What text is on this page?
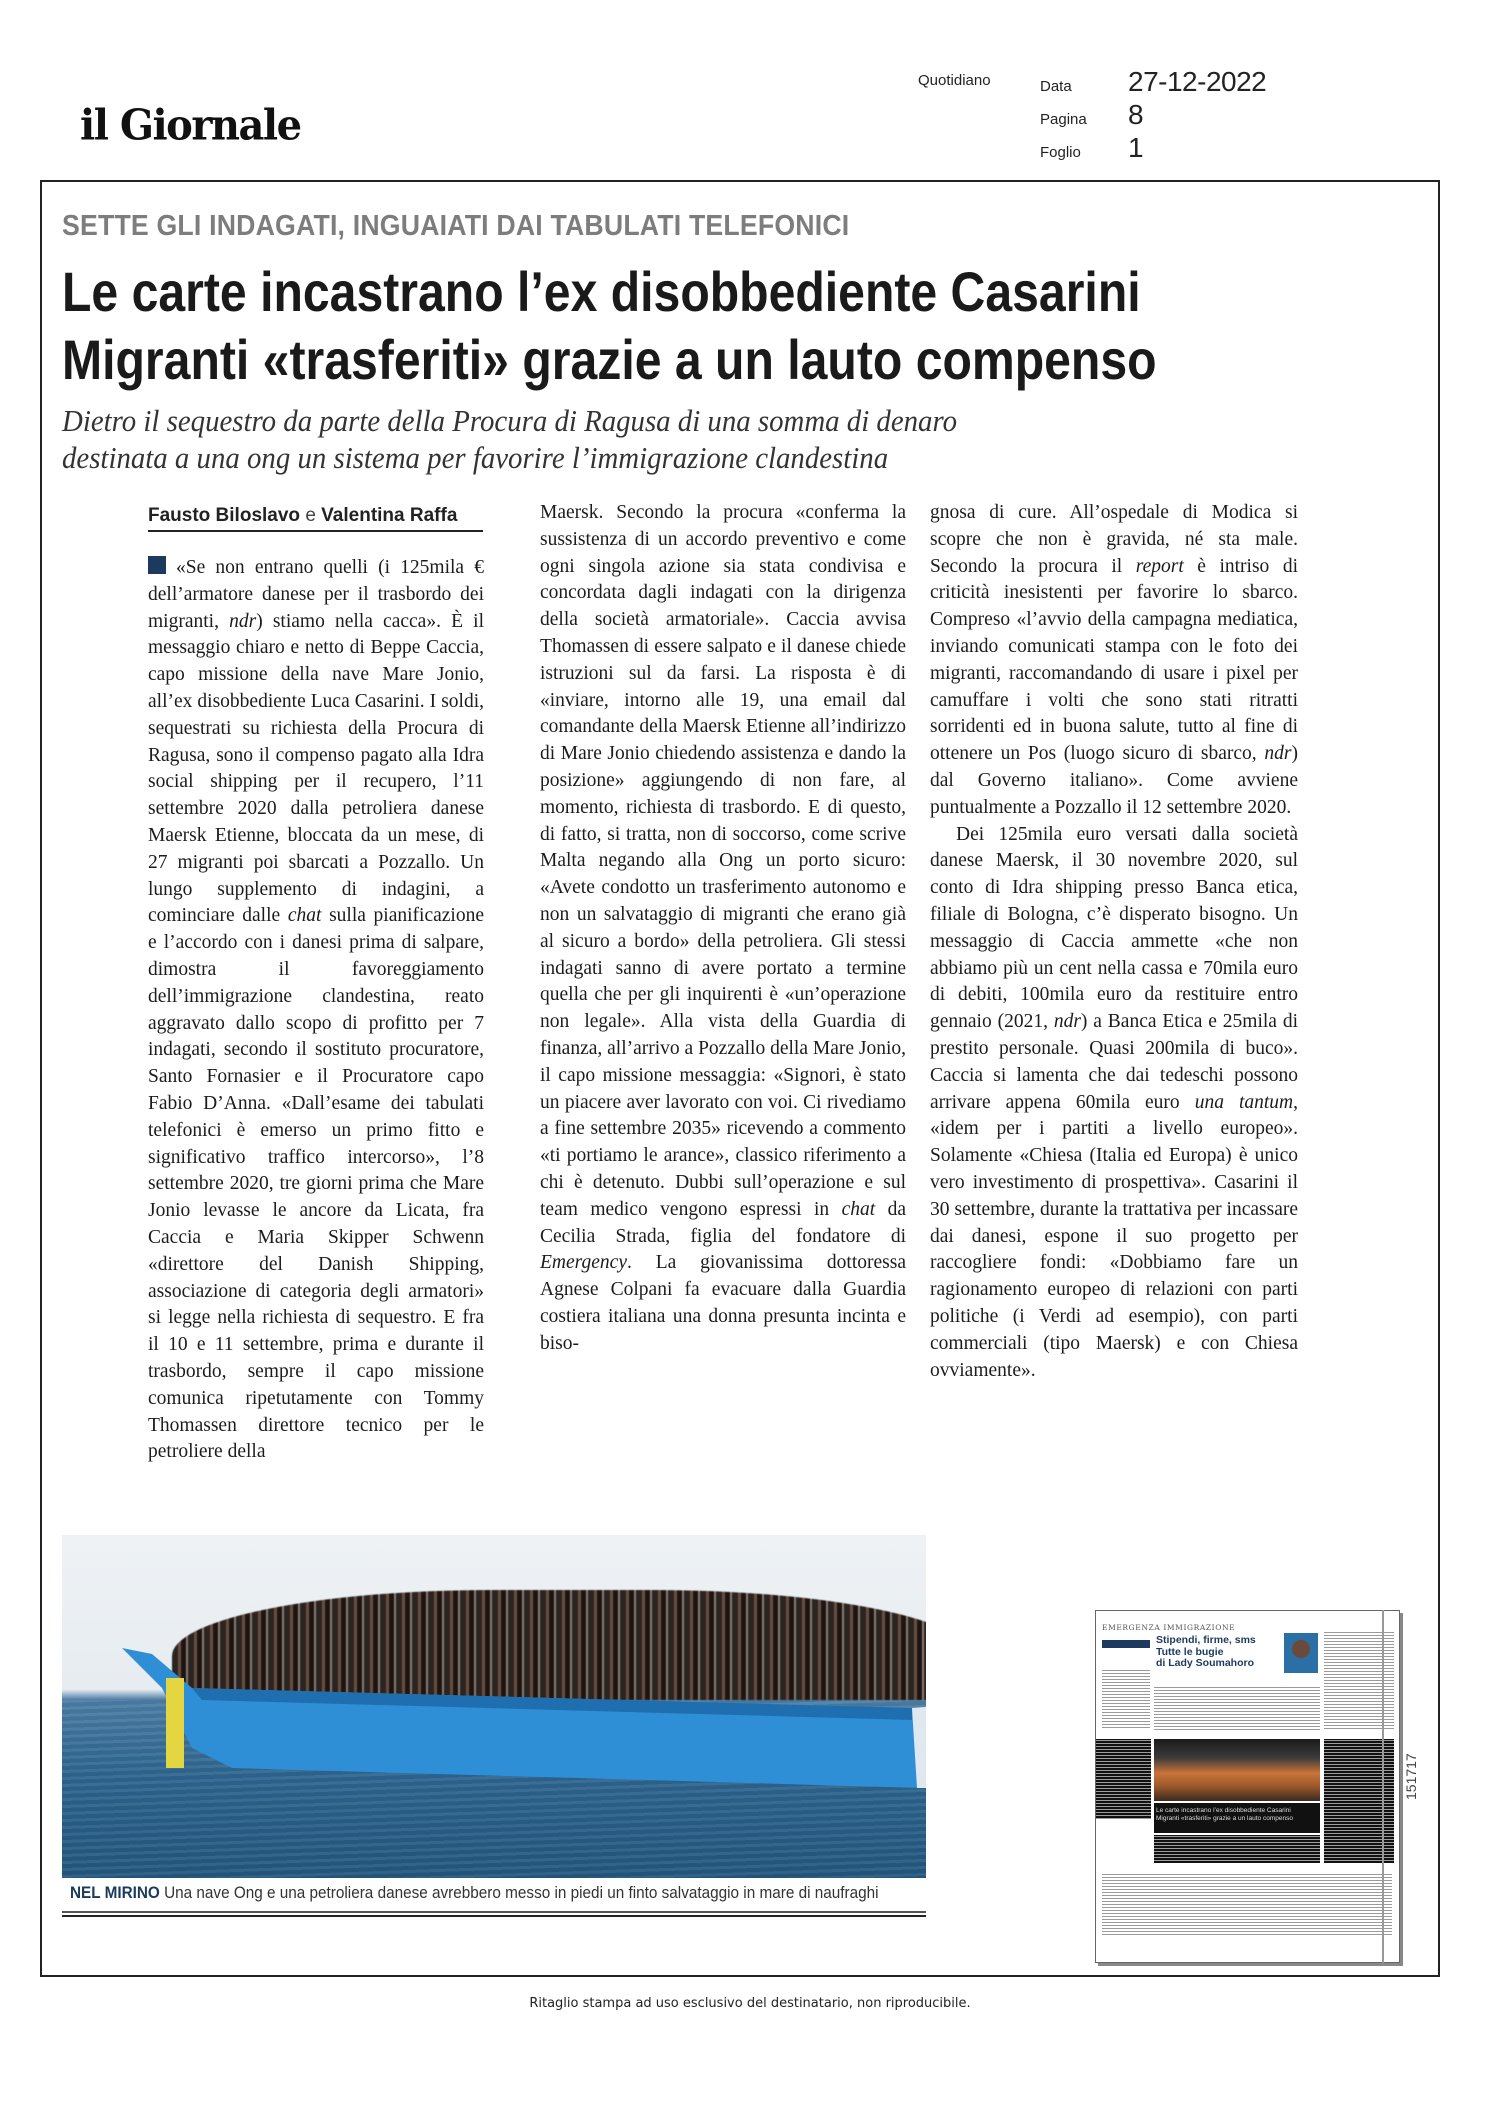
il Giornale
Quotidiano	Data	27-12-2022
Pagina	8
Foglio	1
SETTE GLI INDAGATI, INGUAIATI DAI TABULATI TELEFONICI
Le carte incastrano l’ex disobbediente Casarini
Migranti «trasferiti» grazie a un lauto compenso
Dietro il sequestro da parte della Procura di Ragusa di una somma di denaro
destinata a una ong un sistema per favorire l’immigrazione clandestina
Fausto Biloslavo e Valentina Raffa

«Se non entrano quelli (i 125mila € dell’armatore danese per il trasbordo dei migranti, ndr) stiamo nella cacca». È il messaggio chiaro e netto di Beppe Caccia, capo missione della nave Mare Jonio, all’ex disobbediente Luca Casarini. I soldi, sequestrati su richiesta della Procura di Ragusa, sono il compenso pagato alla Idra social shipping per il recupero, l’11 settembre 2020 dalla petroliera danese Maersk Etienne, bloccata da un mese, di 27 migranti poi sbarcati a Pozzallo. Un lungo supplemento di indagini, a cominciare dalle chat sulla pianificazione e l’accordo con i danesi prima di salpare, dimostra il favoreggiamento dell’immigrazione clandestina, reato aggravato dallo scopo di profitto per 7 indagati, secondo il sostituto procuratore, Santo Fornasier e il Procuratore capo Fabio D’Anna. «Dall’esame dei tabulati telefonici è emerso un primo fitto e significativo traffico intercorso», l’8 settembre 2020, tre giorni prima che Mare Jonio levasse le ancore da Licata, fra Caccia e Maria Skipper Schwenn «direttore del Danish Shipping, associazione di categoria degli armatori» si legge nella richiesta di sequestro. E fra il 10 e 11 settembre, prima e durante il trasbordo, sempre il capo missione comunica ripetutamente con Tommy Thomassen direttore tecnico per le petroliere della

Maersk. Secondo la procura «conferma la sussistenza di un accordo preventivo e come ogni singola azione sia stata condivisa e concordata dagli indagati con la dirigenza della società armatoriale». Caccia avvisa Thomassen di essere salpato e il danese chiede istruzioni sul da farsi. La risposta è di «inviare, intorno alle 19, una email dal comandante della Maersk Etienne all’indirizzo di Mare Jonio chiedendo assistenza e dando la posizione» aggiungendo di non fare, al momento, richiesta di trasbordo. E di questo, di fatto, si tratta, non di soccorso, come scrive Malta negando alla Ong un porto sicuro: «Avete condotto un trasferimento autonomo e non un salvataggio di migranti che erano già al sicuro a bordo» della petroliera. Gli stessi indagati sanno di avere portato a termine quella che per gli inquirenti è «un’operazione non legale». Alla vista della Guardia di finanza, all’arrivo a Pozzallo della Mare Jonio, il capo missione messaggia: «Signori, è stato un piacere aver lavorato con voi. Ci rivediamo a fine settembre 2035» ricevendo a commento «ti portiamo le arance», classico riferimento a chi è detenuto. Dubbi sull’operazione e sul team medico vengono espressi in chat da Cecilia Strada, figlia del fondatore di Emergency. La giovanissima dottoressa Agnese Colpani fa evacuare dalla Guardia costiera italiana una donna presunta incinta e biso-

gnosa di cure. All’ospedale di Modica si scopre che non è gravida, né sta male. Secondo la procura il report è intriso di criticità inesistenti per favorire lo sbarco. Compreso «l’avvio della campagna mediatica, inviando comunicati stampa con le foto dei migranti, raccomandando di usare i pixel per camuffare i volti che sono stati ritratti sorridenti ed in buona salute, tutto al fine di ottenere un Pos (luogo sicuro di sbarco, ndr) dal Governo italiano». Come avviene puntualmente a Pozzallo il 12 settembre 2020.

Dei 125mila euro versati dalla società danese Maersk, il 30 novembre 2020, sul conto di Idra shipping presso Banca etica, filiale di Bologna, c’è disperato bisogno. Un messaggio di Caccia ammette «che non abbiamo più un cent nella cassa e 70mila euro di debiti, 100mila euro da restituire entro gennaio (2021, ndr) a Banca Etica e 25mila di prestito personale. Quasi 200mila di buco». Caccia si lamenta che dai tedeschi possono arrivare appena 60mila euro una tantum, «idem per i partiti a livello europeo». Solamente «Chiesa (Italia ed Europa) è unico vero investimento di prospettiva». Casarini il 30 settembre, durante la trattativa per incassare dai danesi, espone il suo progetto per raccogliere fondi: «Dobbiamo fare un ragionamento europeo di relazioni con parti politiche (i Verdi ad esempio), con parti commerciali (tipo Maersk) e con Chiesa ovviamente».

NEL MIRINO Una nave Ong e una petroliera danese avrebbero messo in piedi un finto salvataggio in mare di naufraghi
EMERGENZA IMMIGRAZIONE
Stipendi, firme, sms
Tutte le bugie
di Lady Soumahoro
Le carte incastrano l’ex disobbediente Casarini
Migranti «trasferiti» grazie a un lauto compenso
151717
Ritaglio stampa ad uso esclusivo del destinatario, non riproducibile.
